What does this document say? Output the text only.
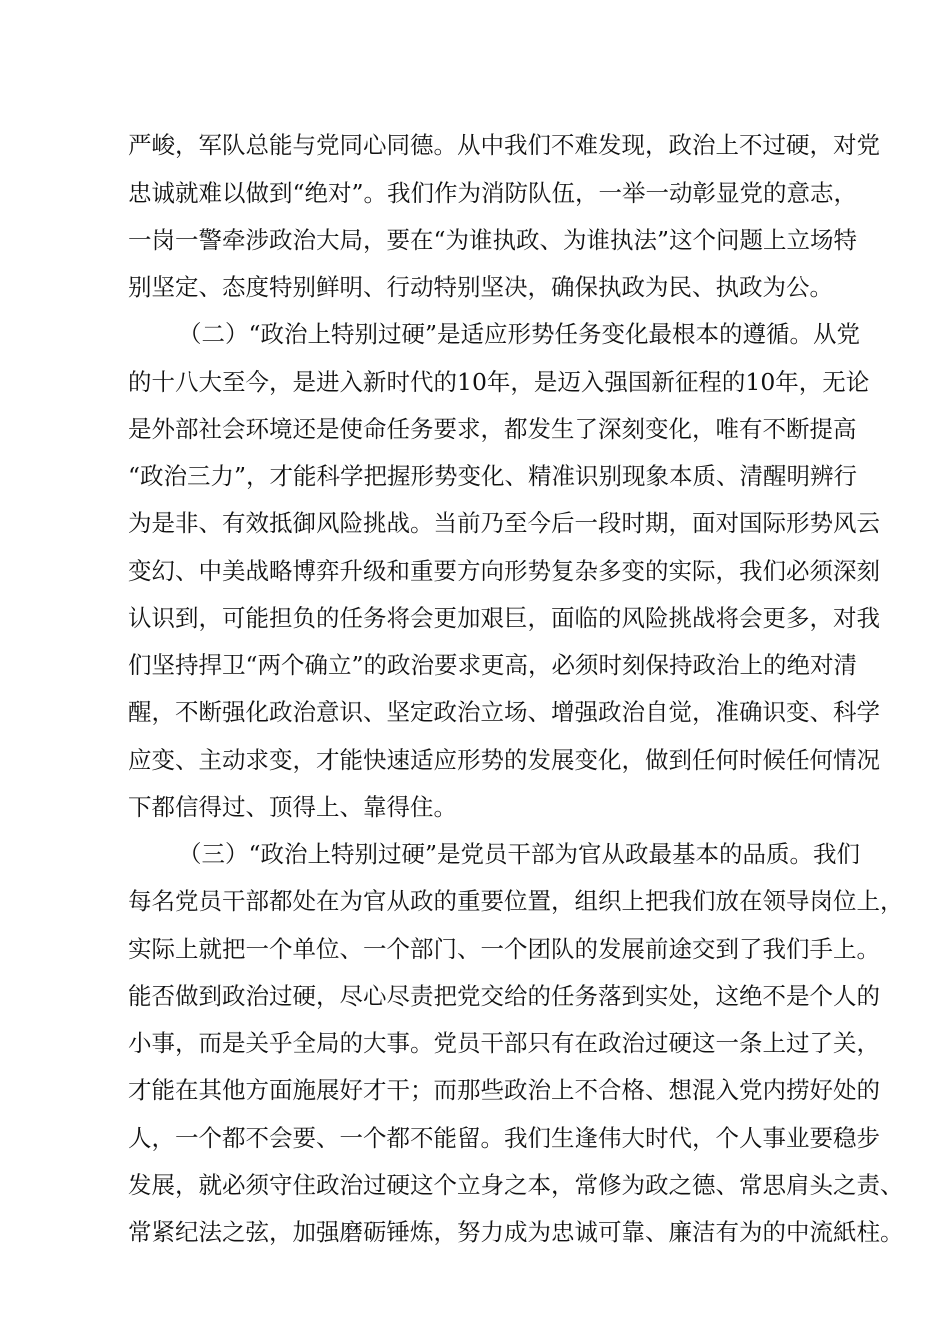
严峻，军队总能与党同心同德。从中我们不难发现，政治上不过硬，对党
忠诚就难以做到“绝对”。我们作为消防队伍，一举一动彰显党的意志，
一岗一警牵涉政治大局，要在“为谁执政、为谁执法”这个问题上立场特
别坚定、态度特别鲜明、行动特别坚决，确保执政为民、执政为公。
（二）“政治上特别过硬”是适应形势任务变化最根本的遵循。从党
的十八大至今，是进入新时代的10年，是迈入强国新征程的10年，无论
是外部社会环境还是使命任务要求，都发生了深刻变化，唯有不断提高
“政治三力”，才能科学把握形势变化、精准识别现象本质、清醒明辨行
为是非、有效抵御风险挑战。当前乃至今后一段时期，面对国际形势风云
变幻、中美战略博弈升级和重要方向形势复杂多变的实际，我们必须深刻
认识到，可能担负的任务将会更加艰巨，面临的风险挑战将会更多，对我
们坚持捍卫“两个确立”的政治要求更高，必须时刻保持政治上的绝对清
醒，不断强化政治意识、坚定政治立场、增强政治自觉，准确识变、科学
应变、主动求变，才能快速适应形势的发展变化，做到任何时候任何情况
下都信得过、顶得上、靠得住。
（三）“政治上特别过硬”是党员干部为官从政最基本的品质。我们
每名党员干部都处在为官从政的重要位置，组织上把我们放在领导岗位上，
实际上就把一个单位、一个部门、一个团队的发展前途交到了我们手上。
能否做到政治过硬，尽心尽责把党交给的任务落到实处，这绝不是个人的
小事，而是关乎全局的大事。党员干部只有在政治过硬这一条上过了关，
才能在其他方面施展好才干；而那些政治上不合格、想混入党内捞好处的
人，一个都不会要、一个都不能留。我们生逢伟大时代，个人事业要稳步
发展，就必须守住政治过硬这个立身之本，常修为政之德、常思肩头之责、
常紧纪法之弦，加强磨砺锤炼，努力成为忠诚可靠、廉洁有为的中流紙柱。
